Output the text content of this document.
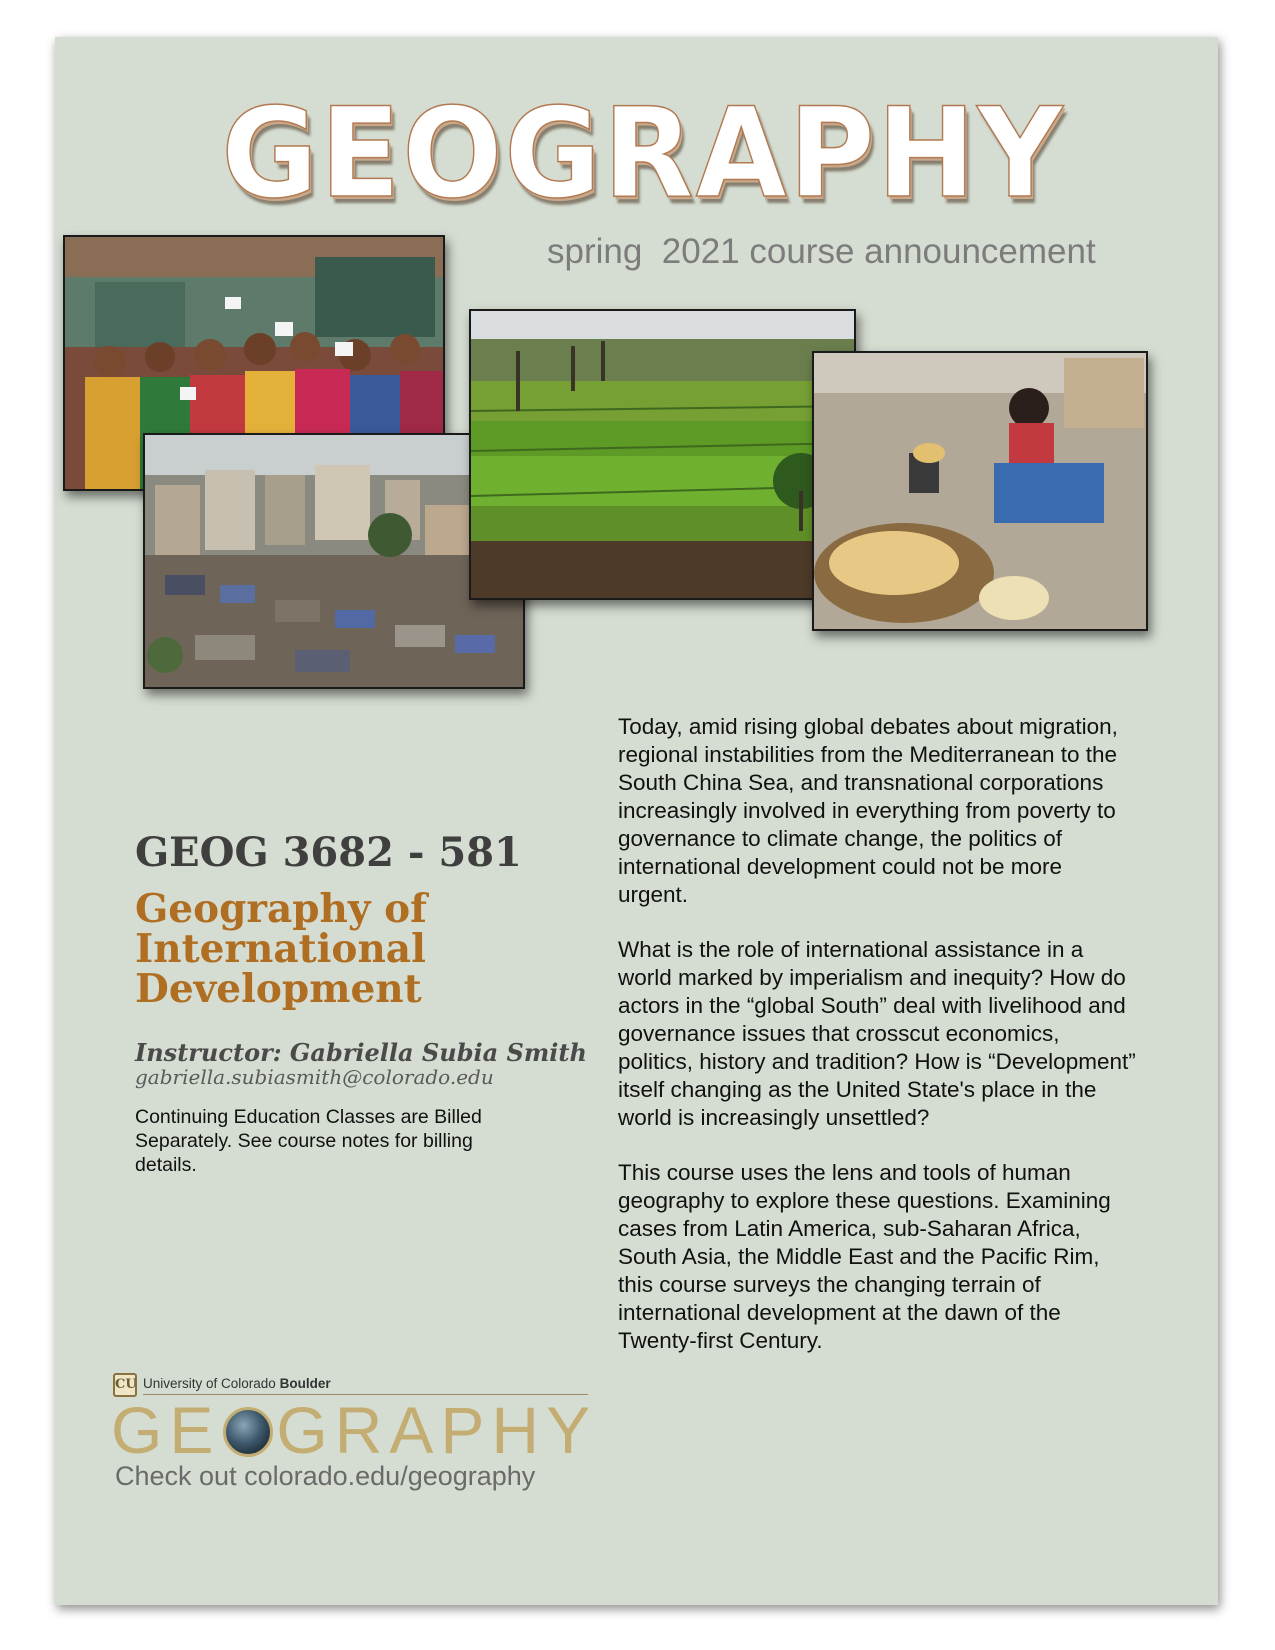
GEOGRAPHY
spring  2021 course announcement
GEOG 3682 - 581
Geography of
International
Development
Instructor: Gabriella Subia Smith
gabriella.subiasmith@colorado.edu

Continuing Education Classes are Billed Separately. See course notes for billing details.

Today, amid rising global debates about migration, regional instabilities from the Mediterranean to the South China Sea, and transnational corporations increasingly involved in everything from poverty to governance to climate change, the politics of international development could not be more urgent.

What is the role of international assistance in a world marked by imperialism and inequity? How do actors in the “global South” deal with livelihood and governance issues that crosscut economics, politics, history and tradition? How is “Development” itself changing as the United State's place in the world is increasingly unsettled?

This course uses the lens and tools of human geography to explore these questions. Examining cases from Latin America, sub-Saharan Africa, South Asia, the Middle East and the Pacific Rim, this course surveys the changing terrain of international development at the dawn of the Twenty-first Century.

CU University of Colorado Boulder
GE GRAPHY
Check out colorado.edu/geography
